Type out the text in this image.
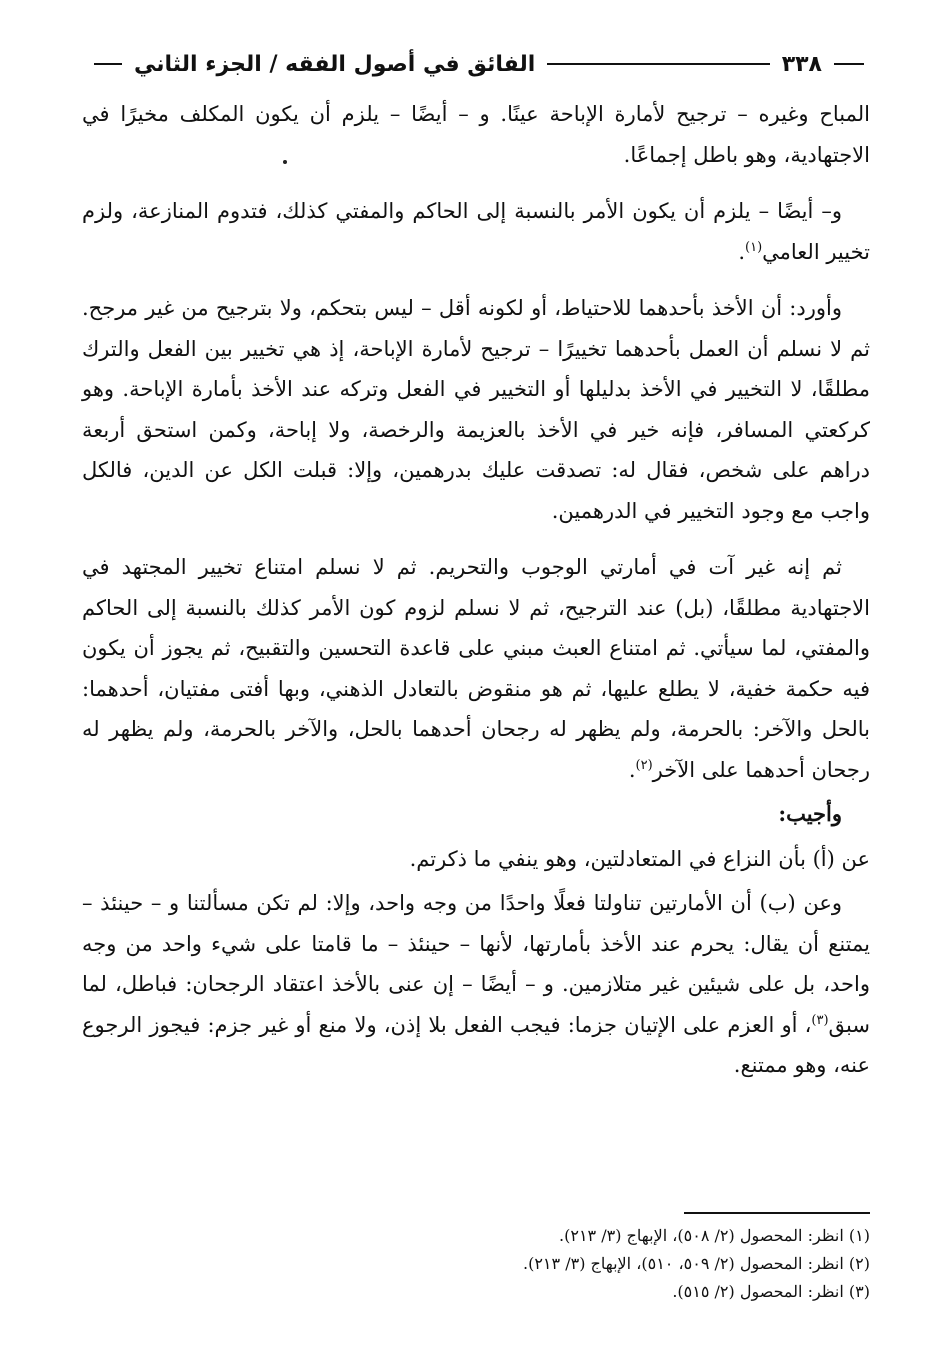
٣٣٨
الفائق في أصول الفقه / الجزء الثاني

المباح وغيره – ترجيح لأمارة الإباحة عينًا. و – أيضًا – يلزم أن يكون المكلف مخيرًا في الاجتهادية، وهو باطل إجماعًا.

و– أيضًا – يلزم أن يكون الأمر بالنسبة إلى الحاكم والمفتي كذلك، فتدوم المنازعة، ولزم تخيير العامي$^{(١)}$.

وأورد: أن الأخذ بأحدهما للاحتياط، أو لكونه أقل – ليس بتحكم، ولا بترجيح من غير مرجح. ثم لا نسلم أن العمل بأحدهما تخييرًا – ترجيح لأمارة الإباحة، إذ هي تخيير بين الفعل والترك مطلقًا، لا التخيير في الأخذ بدليلها أو التخيير في الفعل وتركه عند الأخذ بأمارة الإباحة. وهو كركعتي المسافر، فإنه خير في الأخذ بالعزيمة والرخصة، ولا إباحة، وكمن استحق أربعة دراهم على شخص، فقال له: تصدقت عليك بدرهمين، وإلا: قبلت الكل عن الدين، فالكل واجب مع وجود التخيير في الدرهمين.

ثم إنه غير آت في أمارتي الوجوب والتحريم. ثم لا نسلم امتناع تخيير المجتهد في الاجتهادية مطلقًا، (بل) عند الترجيح، ثم لا نسلم لزوم كون الأمر كذلك بالنسبة إلى الحاكم والمفتي، لما سيأتي. ثم امتناع العبث مبني على قاعدة التحسين والتقبيح، ثم يجوز أن يكون فيه حكمة خفية، لا يطلع عليها، ثم هو منقوض بالتعادل الذهني، وبها أفتى مفتيان، أحدهما: بالحل والآخر: بالحرمة، ولم يظهر له رجحان أحدهما بالحل، والآخر بالحرمة، ولم يظهر له رجحان أحدهما على الآخر$^{(٢)}$.

وأجيب:

عن (أ) بأن النزاع في المتعادلتين، وهو ينفي ما ذكرتم.

وعن (ب) أن الأمارتين تناولتا فعلًا واحدًا من وجه واحد، وإلا: لم تكن مسألتنا و – حينئذ – يمتنع أن يقال: يحرم عند الأخذ بأمارتها، لأنها – حينئذ – ما قامتا على شيء واحد من وجه واحد، بل على شيئين غير متلازمين. و – أيضًا – إن عنى بالأخذ اعتقاد الرجحان: فباطل، لما سبق$^{(٣)}$، أو العزم على الإتيان جزما: فيجب الفعل بلا إذن، ولا منع أو غير جزم: فيجوز الرجوع عنه، وهو ممتنع.

(١) انظر: المحصول (٢/ ٥٠٨)، الإبهاج (٣/ ٢١٣).
(٢) انظر: المحصول (٢/ ٥٠٩، ٥١٠)، الإبهاج (٣/ ٢١٣).
(٣) انظر: المحصول (٢/ ٥١٥).
